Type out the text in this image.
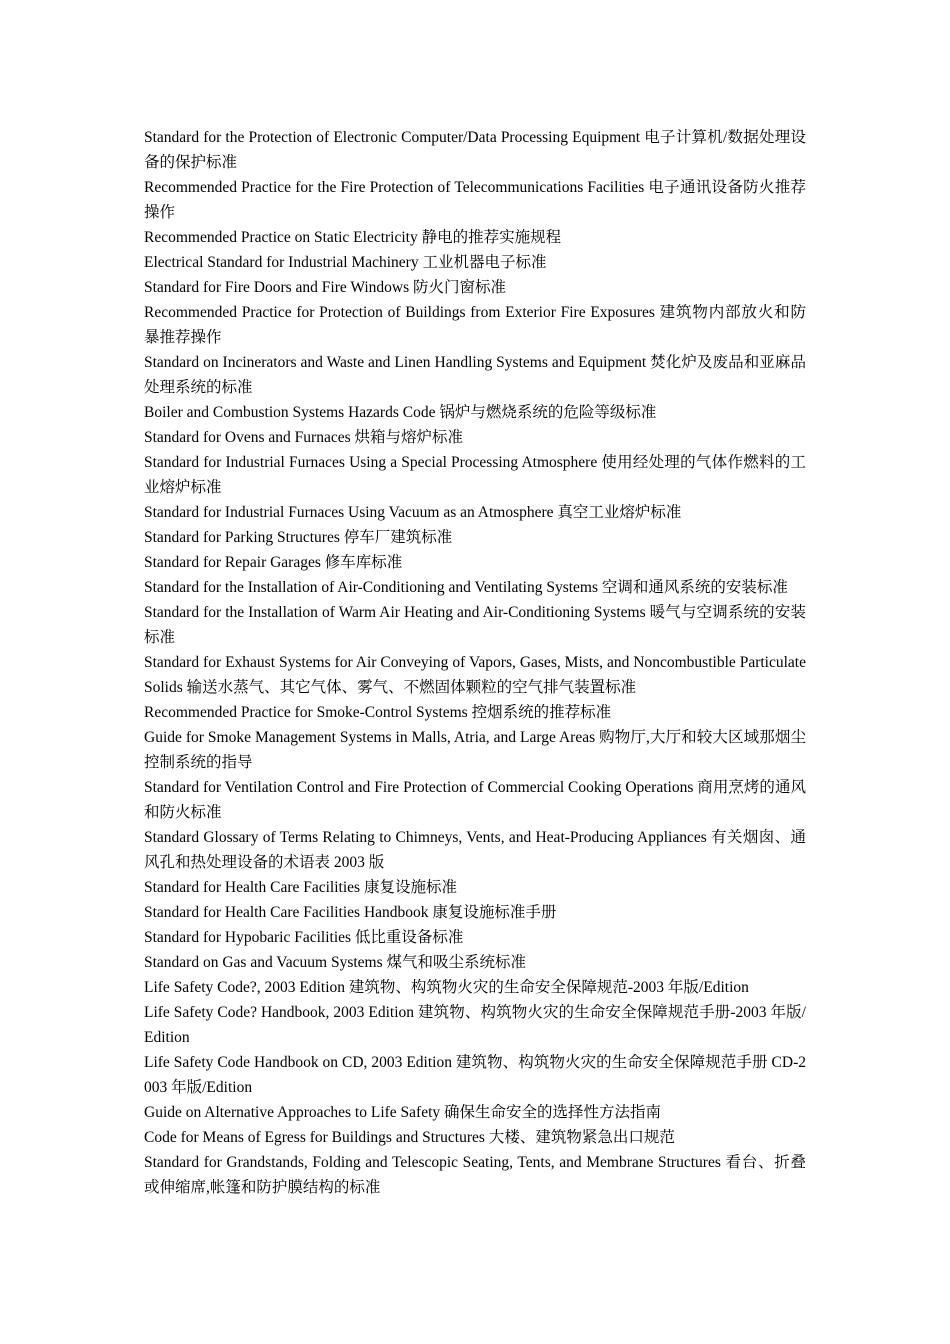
Standard for the Protection of Electronic Computer/Data Processing Equipment 电子计算机/数据处理设备的保护标准

Recommended Practice for the Fire Protection of Telecommunications Facilities 电子通讯设备防火推荐操作

Recommended Practice on Static Electricity 静电的推荐实施规程

Electrical Standard for Industrial Machinery 工业机器电子标准

Standard for Fire Doors and Fire Windows 防火门窗标准

Recommended Practice for Protection of Buildings from Exterior Fire Exposures 建筑物内部放火和防暴推荐操作

Standard on Incinerators and Waste and Linen Handling Systems and Equipment 焚化炉及废品和亚麻品处理系统的标准

Boiler and Combustion Systems Hazards Code 锅炉与燃烧系统的危险等级标准

Standard for Ovens and Furnaces 烘箱与熔炉标准

Standard for Industrial Furnaces Using a Special Processing Atmosphere 使用经处理的气体作燃料的工业熔炉标准

Standard for Industrial Furnaces Using Vacuum as an Atmosphere 真空工业熔炉标准

Standard for Parking Structures 停车厂建筑标准

Standard for Repair Garages 修车库标准

Standard for the Installation of Air-Conditioning and Ventilating Systems 空调和通风系统的安装标准

Standard for the Installation of Warm Air Heating and Air-Conditioning Systems 暖气与空调系统的安装标准

Standard for Exhaust Systems for Air Conveying of Vapors, Gases, Mists, and Noncombustible Particulate Solids 输送水蒸气、其它气体、雾气、不燃固体颗粒的空气排气装置标准

Recommended Practice for Smoke-Control Systems 控烟系统的推荐标准

Guide for Smoke Management Systems in Malls, Atria, and Large Areas 购物厅,大厅和较大区域那烟尘控制系统的指导

Standard for Ventilation Control and Fire Protection of Commercial Cooking Operations 商用烹烤的通风和防火标准

Standard Glossary of Terms Relating to Chimneys, Vents, and Heat-Producing Appliances 有关烟囱、通风孔和热处理设备的术语表 2003 版

Standard for Health Care Facilities 康复设施标准

Standard for Health Care Facilities Handbook 康复设施标准手册

Standard for Hypobaric Facilities 低比重设备标准

Standard on Gas and Vacuum Systems 煤气和吸尘系统标准

Life Safety Code?, 2003 Edition 建筑物、构筑物火灾的生命安全保障规范-2003 年版/Edition

Life Safety Code? Handbook, 2003 Edition 建筑物、构筑物火灾的生命安全保障规范手册-2003 年版/Edition

Life Safety Code Handbook on CD, 2003 Edition 建筑物、构筑物火灾的生命安全保障规范手册 CD-2003 年版/Edition

Guide on Alternative Approaches to Life Safety 确保生命安全的选择性方法指南

Code for Means of Egress for Buildings and Structures 大楼、建筑物紧急出口规范

Standard for Grandstands, Folding and Telescopic Seating, Tents, and Membrane Structures 看台、折叠或伸缩席,帐篷和防护膜结构的标准
